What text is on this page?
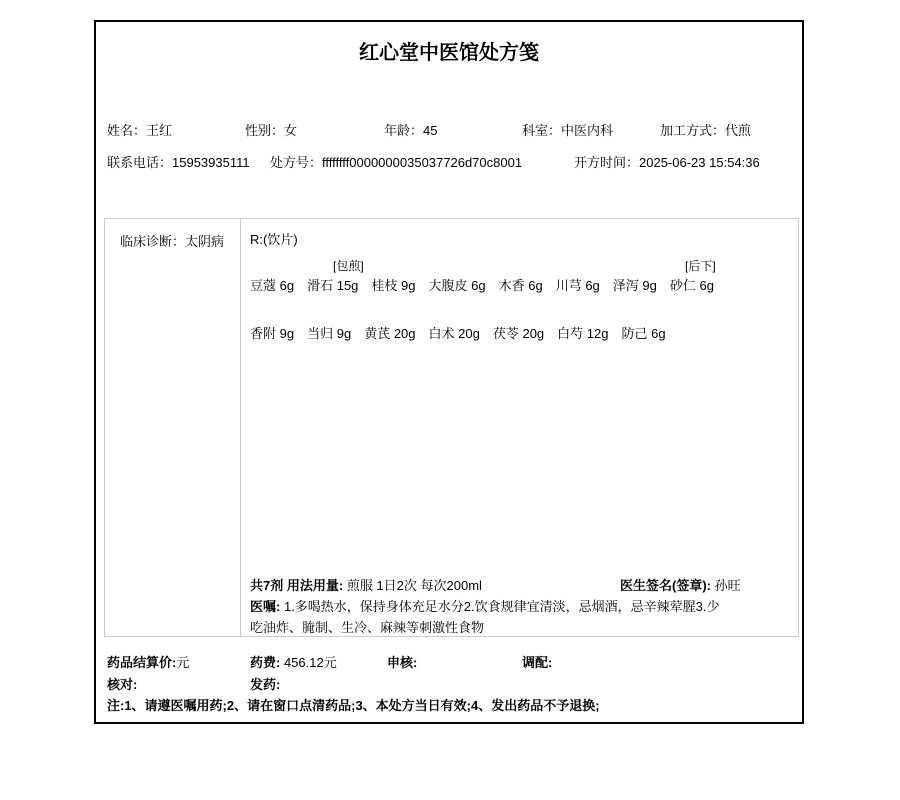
红心堂中医馆处方笺
姓名：王红	性别：女	年龄：45	科室：中医内科	加工方式：代煎
联系电话：15953935111 处方号：ffffffff0000000035037726d70c8001	开方时间：2025-06-23 15:54:36
临床诊断：太阴病 R:(饮片)
[包煎]	[后下]
豆蔻 6g 滑石 15g 桂枝 9g 大腹皮 6g 木香 6g 川芎 6g 泽泻 9g 砂仁 6g
香附 9g 当归 9g 黄芪 20g 白术 20g 茯苓 20g 白芍 12g 防己 6g
共7剂 用法用量: 煎服 1日2次 每次200ml	医生签名(签章): 孙旺
医嘱: 1.多喝热水，保持身体充足水分2.饮食规律宜清淡，忌烟酒，忌辛辣荤腥3.少吃油炸、腌制、生冷、麻辣等刺激性食物
药品结算价:元	药费: 456.12元	申核:	调配:
核对:	发药:
注:1、请遵医嘱用药;2、请在窗口点清药品;3、本处方当日有效;4、发出药品不予退换;
